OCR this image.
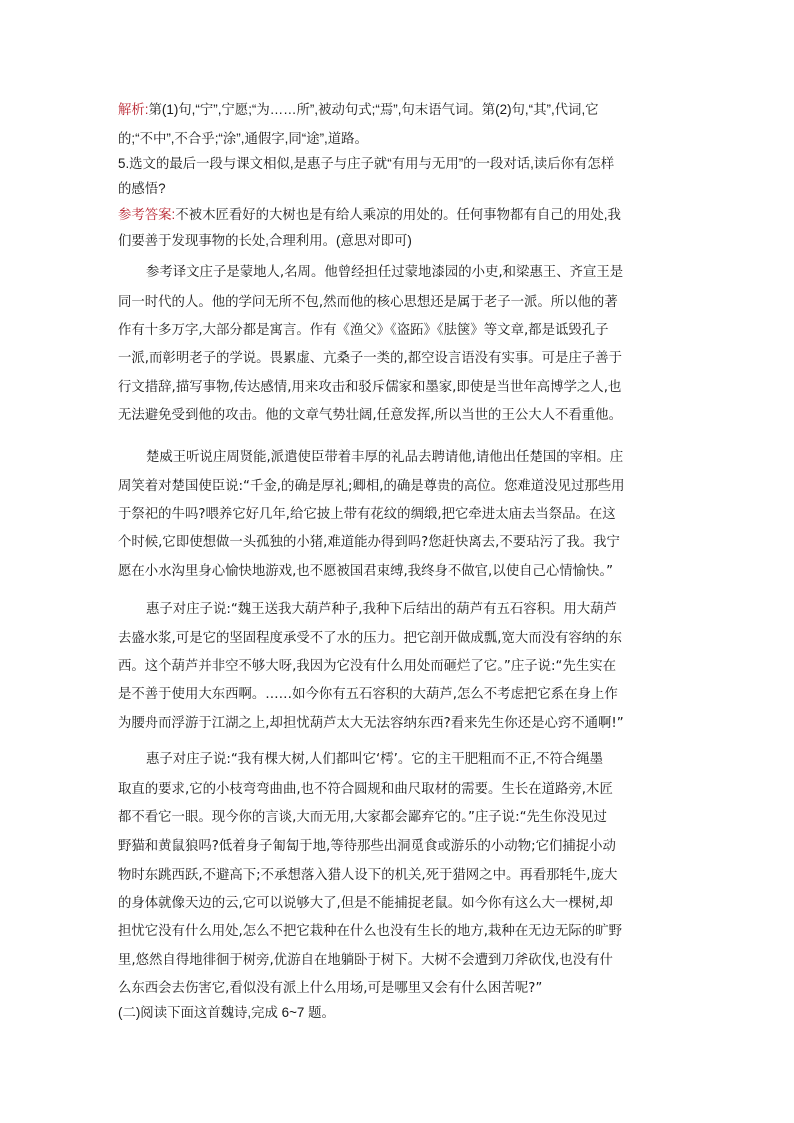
解析:第(1)句,“宁”,宁愿;“为……所”,被动句式;“焉”,句末语气词。第(2)句,“其”,代词,它
的;“不中”,不合乎;“涂”,通假字,同“途”,道路。
5.选文的最后一段与课文相似,是惠子与庄子就“有用与无用”的一段对话,读后你有怎样
的感悟?
参考答案:不被木匠看好的大树也是有给人乘凉的用处的。任何事物都有自己的用处,我
们要善于发现事物的长处,合理利用。(意思对即可)
参考译文庄子是蒙地人,名周。他曾经担任过蒙地漆园的小吏,和梁惠王、齐宣王是
同一时代的人。他的学问无所不包,然而他的核心思想还是属于老子一派。所以他的著
作有十多万字,大部分都是寓言。作有《渔父》《盗跖》《胠箧》等文章,都是诋毁孔子
一派,而彰明老子的学说。畏累虚、亢桑子一类的,都空设言语没有实事。可是庄子善于
行文措辞,描写事物,传达感情,用来攻击和驳斥儒家和墨家,即使是当世年高博学之人,也
无法避免受到他的攻击。他的文章气势壮阔,任意发挥,所以当世的王公大人不看重他。
楚威王听说庄周贤能,派遣使臣带着丰厚的礼品去聘请他,请他出任楚国的宰相。庄
周笑着对楚国使臣说:“千金,的确是厚礼;卿相,的确是尊贵的高位。您难道没见过那些用
于祭祀的牛吗?喂养它好几年,给它披上带有花纹的绸缎,把它牵进太庙去当祭品。在这
个时候,它即使想做一头孤独的小猪,难道能办得到吗?您赶快离去,不要玷污了我。我宁
愿在小水沟里身心愉快地游戏,也不愿被国君束缚,我终身不做官,以使自己心情愉快。”
惠子对庄子说:“魏王送我大葫芦种子,我种下后结出的葫芦有五石容积。用大葫芦
去盛水浆,可是它的坚固程度承受不了水的压力。把它剖开做成瓢,宽大而没有容纳的东
西。这个葫芦并非空不够大呀,我因为它没有什么用处而砸烂了它。”庄子说:“先生实在
是不善于使用大东西啊。……如今你有五石容积的大葫芦,怎么不考虑把它系在身上作
为腰舟而浮游于江湖之上,却担忧葫芦太大无法容纳东西?看来先生你还是心窍不通啊!”
惠子对庄子说:“我有棵大树,人们都叫它‘樗’。它的主干肥粗而不正,不符合绳墨
取直的要求,它的小枝弯弯曲曲,也不符合圆规和曲尺取材的需要。生长在道路旁,木匠
都不看它一眼。现今你的言谈,大而无用,大家都会鄙弃它的。”庄子说:“先生你没见过
野猫和黄鼠狼吗?低着身子匍匐于地,等待那些出洞觅食或游乐的小动物;它们捕捉小动
物时东跳西跃,不避高下;不承想落入猎人设下的机关,死于猎网之中。再看那牦牛,庞大
的身体就像天边的云,它可以说够大了,但是不能捕捉老鼠。如今你有这么大一棵树,却
担忧它没有什么用处,怎么不把它栽种在什么也没有生长的地方,栽种在无边无际的旷野
里,悠然自得地徘徊于树旁,优游自在地躺卧于树下。大树不会遭到刀斧砍伐,也没有什
么东西会去伤害它,看似没有派上什么用场,可是哪里又会有什么困苦呢?”
(二)阅读下面这首魏诗,完成 6~7 题。
